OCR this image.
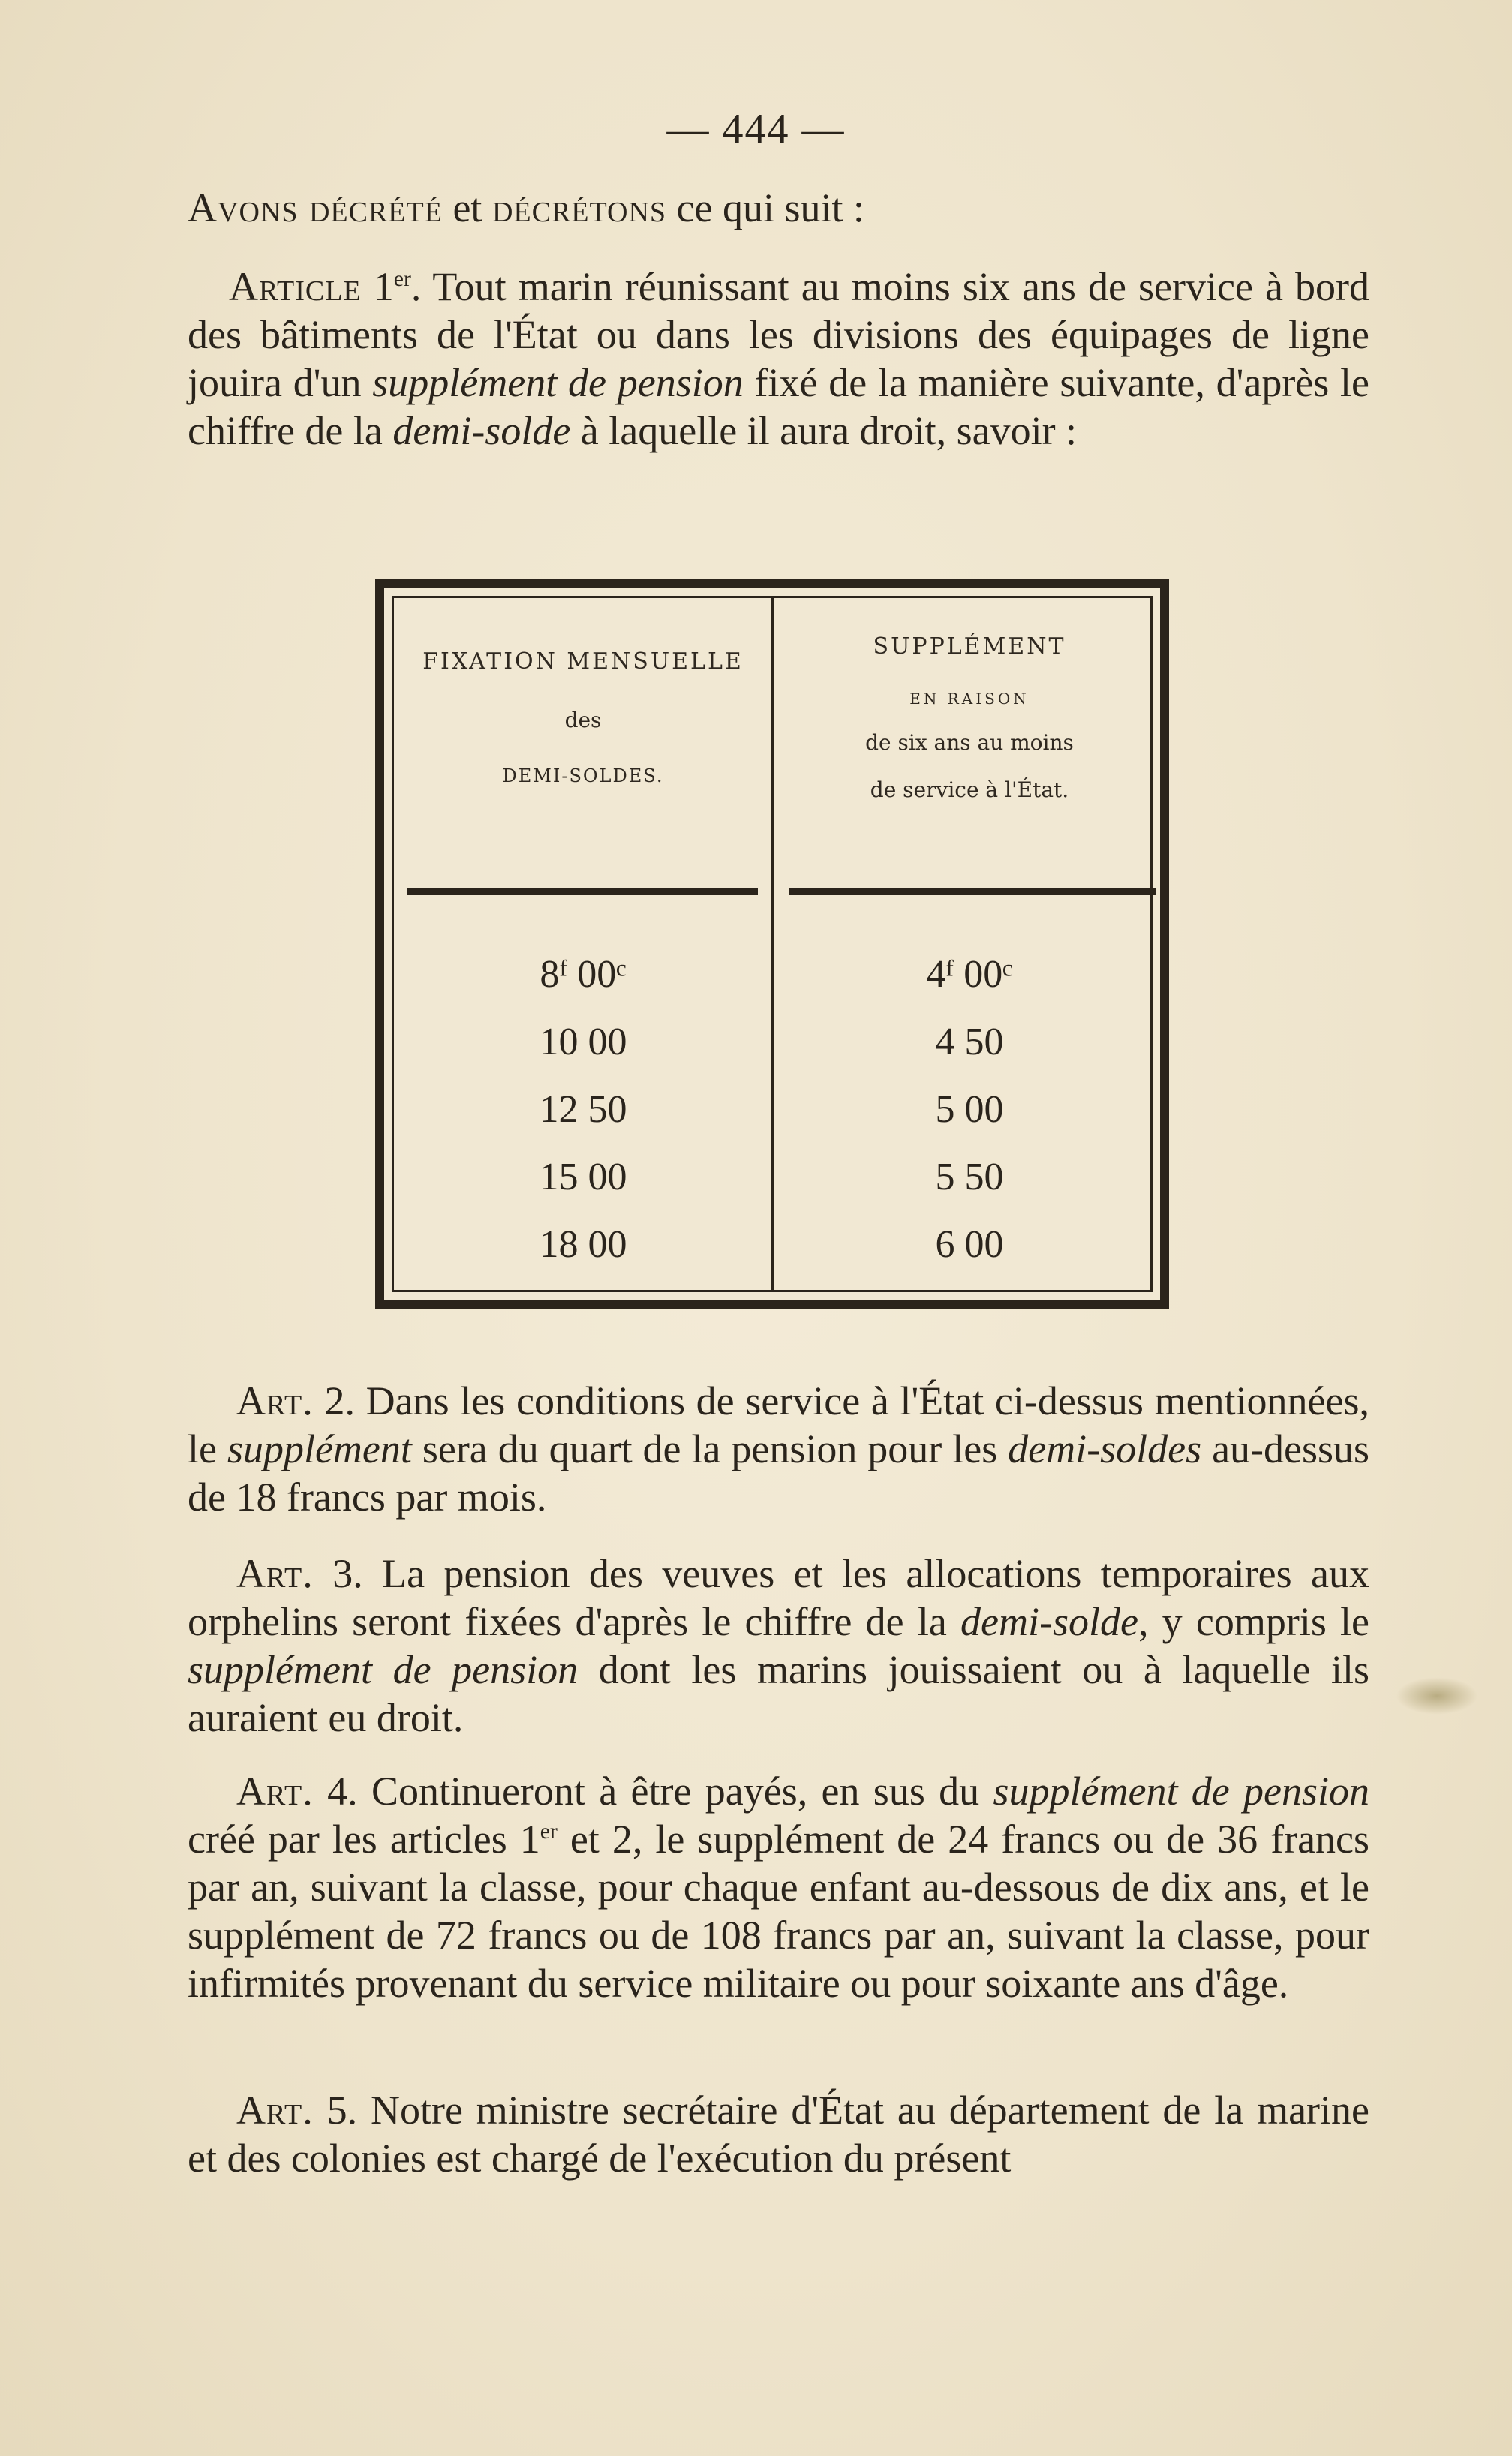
— 444 —

Avons décrété et décrétons ce qui suit :

Article 1er. Tout marin réunissant au moins six ans de service à bord des bâtiments de l'État ou dans les divisions des équipages de ligne jouira d'un supplément de pension fixé de la manière suivante, d'après le chiffre de la demi-solde à laquelle il aura droit, savoir :

FIXATION MENSUELLE
des
DEMI-SOLDES.
SUPPLÉMENT
EN RAISON
de six ans au moins
de service à l'État.
8ᶠ 00ᶜ
10 00
12 50
15 00
18 00
4ᶠ 00ᶜ
4 50
5 00
5 50
6 00

Art. 2. Dans les conditions de service à l'État ci-dessus mentionnées, le supplément sera du quart de la pension pour les demi-soldes au-dessus de 18 francs par mois.

Art. 3. La pension des veuves et les allocations temporaires aux orphelins seront fixées d'après le chiffre de la demi-solde, y compris le supplément de pension dont les marins jouissaient ou à laquelle ils auraient eu droit.

Art. 4. Continueront à être payés, en sus du supplément de pension créé par les articles 1er et 2, le supplément de 24 francs ou de 36 francs par an, suivant la classe, pour chaque enfant au-dessous de dix ans, et le supplément de 72 francs ou de 108 francs par an, suivant la classe, pour infirmités provenant du service militaire ou pour soixante ans d'âge.

Art. 5. Notre ministre secrétaire d'État au département de la marine et des colonies est chargé de l'exécution du présent
